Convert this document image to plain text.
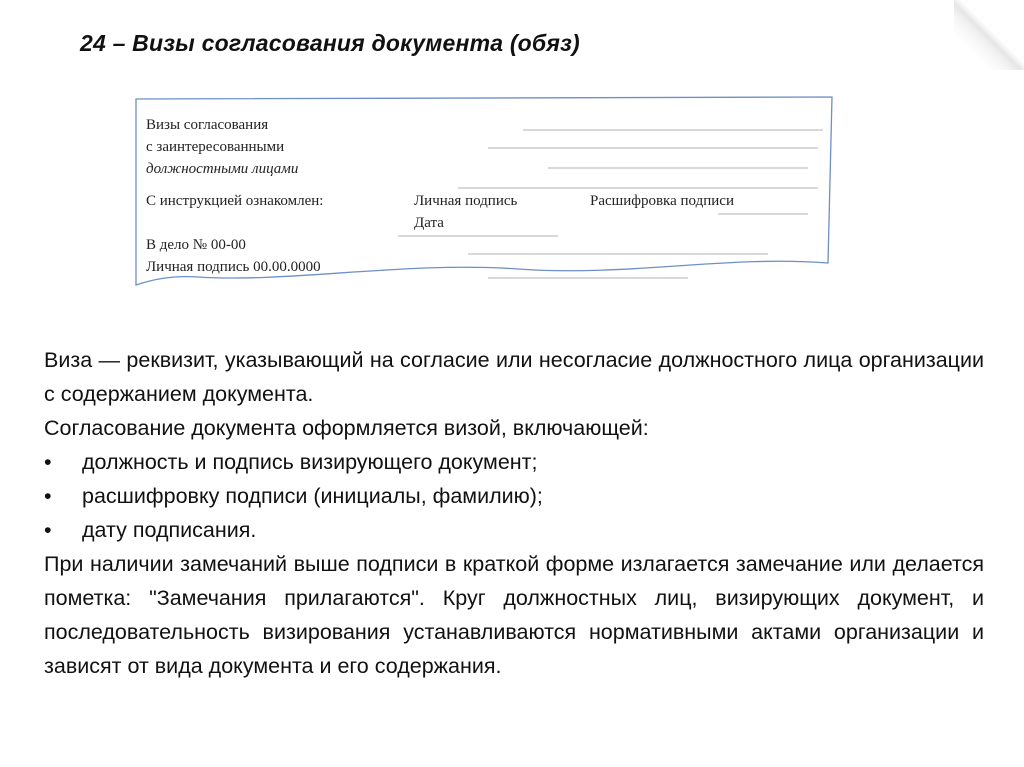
24 – Визы согласования документа (обяз)
Визы согласования
с заинтересованными
должностными лицами
С инструкцией ознакомлен:	Личная подпись	Расшифровка подписи
Дата
В дело № 00-00
Личная подпись 00.00.0000

Виза — реквизит, указывающий на согласие или несогласие должностного лица организации с содержанием документа.

Согласование документа оформляется визой, включающей:

• должность и подпись визирующего документ;
• расшифровку подписи (инициалы, фамилию);
• дату подписания.

При наличии замечаний выше подписи в краткой форме излагается замечание или делается пометка: "Замечания прилагаются". Круг должностных лиц, визирующих документ, и последовательность визирования устанавливаются нормативными актами организации и зависят от вида документа и его содержания.
